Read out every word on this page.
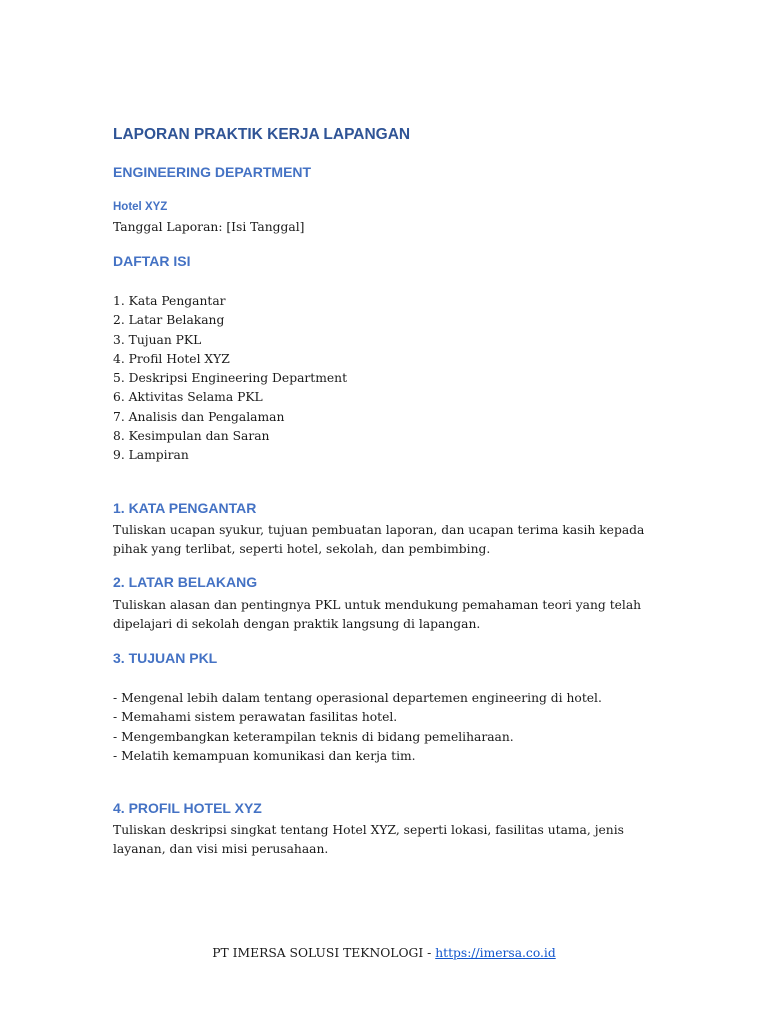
LAPORAN PRAKTIK KERJA LAPANGAN
ENGINEERING DEPARTMENT
Hotel XYZ
Tanggal Laporan: [Isi Tanggal]
DAFTAR ISI
1. Kata Pengantar
2. Latar Belakang
3. Tujuan PKL
4. Profil Hotel XYZ
5. Deskripsi Engineering Department
6. Aktivitas Selama PKL
7. Analisis dan Pengalaman
8. Kesimpulan dan Saran
9. Lampiran
1. KATA PENGANTAR
Tuliskan ucapan syukur, tujuan pembuatan laporan, dan ucapan terima kasih kepada pihak yang terlibat, seperti hotel, sekolah, dan pembimbing.
2. LATAR BELAKANG
Tuliskan alasan dan pentingnya PKL untuk mendukung pemahaman teori yang telah dipelajari di sekolah dengan praktik langsung di lapangan.
3. TUJUAN PKL
- Mengenal lebih dalam tentang operasional departemen engineering di hotel.
- Memahami sistem perawatan fasilitas hotel.
- Mengembangkan keterampilan teknis di bidang pemeliharaan.
- Melatih kemampuan komunikasi dan kerja tim.
4. PROFIL HOTEL XYZ
Tuliskan deskripsi singkat tentang Hotel XYZ, seperti lokasi, fasilitas utama, jenis layanan, dan visi misi perusahaan.
PT IMERSA SOLUSI TEKNOLOGI - https://imersa.co.id
